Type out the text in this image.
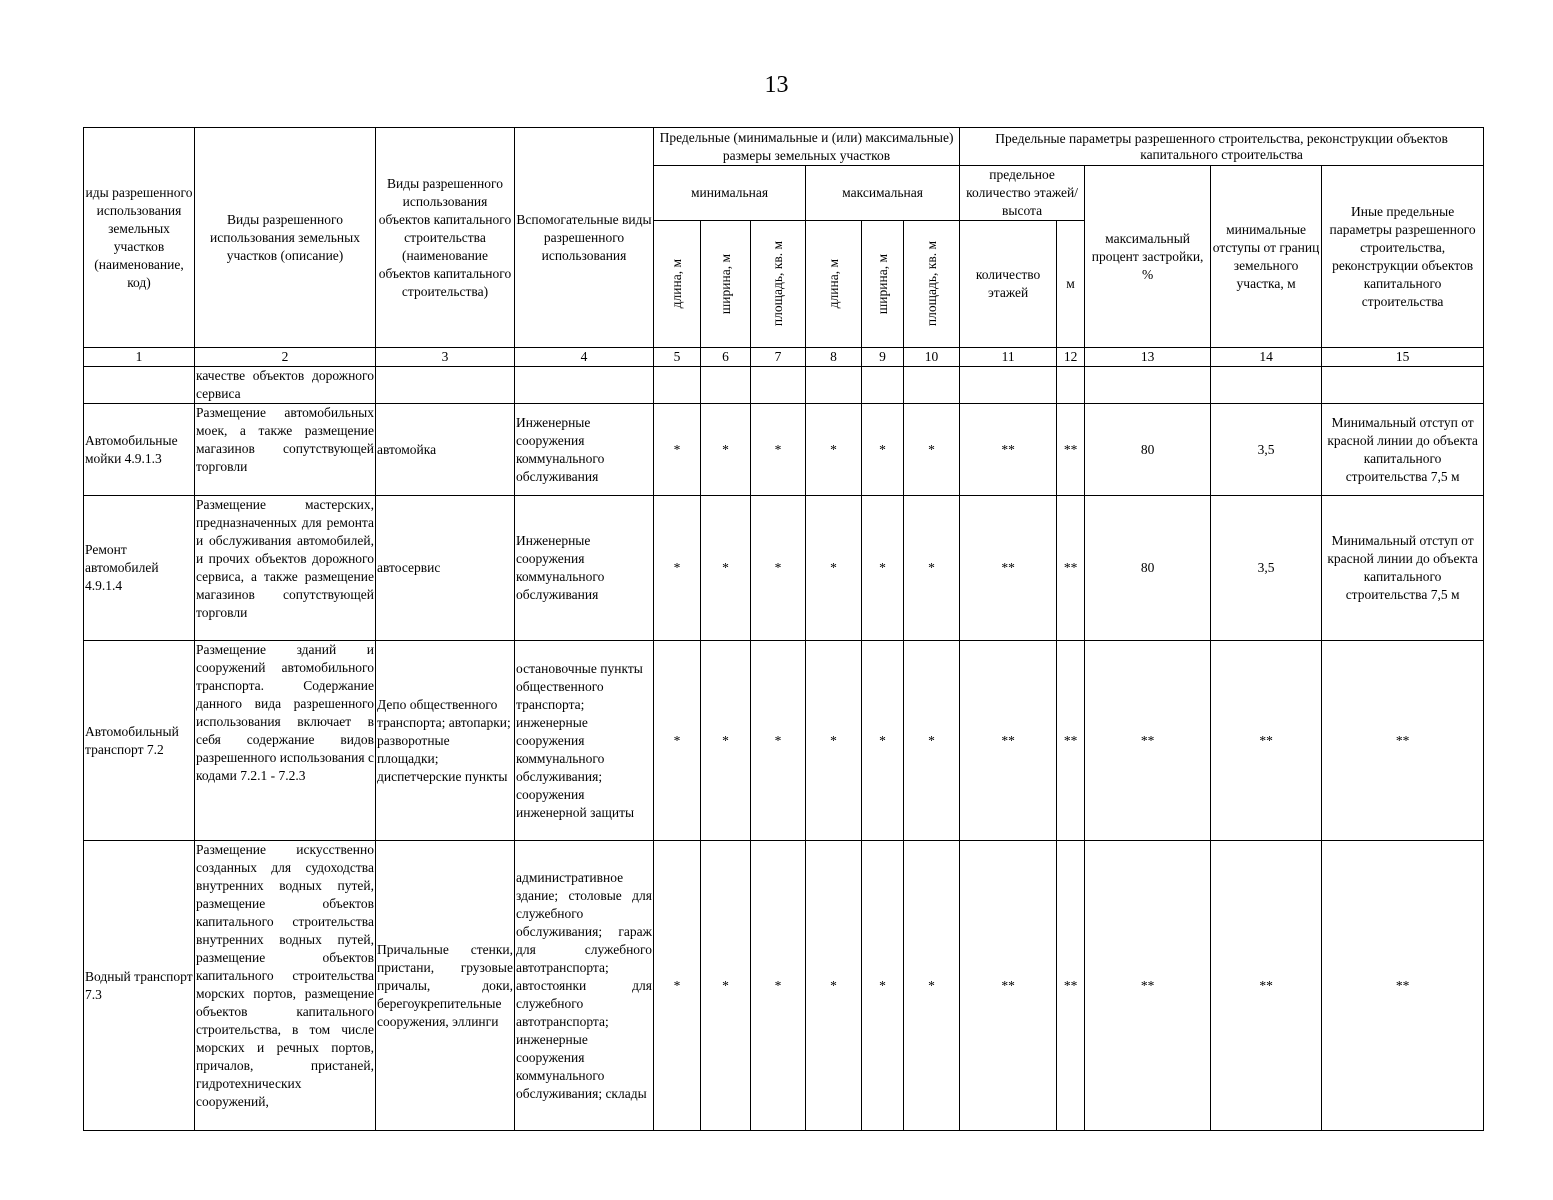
13
иды разрешенного использования земельных участков (наименование, код)	Виды разрешенного использования земельных участков (описание)	Виды разрешенного использования объектов капитального строительства (наименование объектов капитального строительства)	Вспомогательные виды разрешенного использования	Предельные (минимальные и (или) максимальные) размеры земельных участков						Предельные параметры разрешенного строительства, реконструкции объектов капитального строительства				
				минимальная			максимальная			предельное количество этажей/высота		максимальный процент застройки, %	минимальные отступы от границ земельного участка, м	Иные предельные параметры разрешенного строительства, реконструкции объектов капитального строительства

				длина, м	ширина, м	площадь, кв. м	длина, м	ширина, м	площадь, кв. м	количество этажей	м			
1	2	3	4	5	6	7	8	9	10	11	12	13	14	15
	качестве объектов дорожного сервиса													
Автомобильные мойки 4.9.1.3	Размещение автомобильных моек, а также размещение магазинов сопутствующей торговли	автомойка	Инженерные сооружения коммунального обслуживания	*	*	*	*	*	*	**	**	80	3,5	Минимальный отступ от красной линии до объекта капитального строительства 7,5 м
Ремонт автомобилей 4.9.1.4	Размещение мастерских, предназначенных для ремонта и обслуживания автомобилей, и прочих объектов дорожного сервиса, а также размещение магазинов сопутствующей торговли	автосервис	Инженерные сооружения коммунального обслуживания	*	*	*	*	*	*	**	**	80	3,5	Минимальный отступ от красной линии до объекта капитального строительства 7,5 м
Автомобильный транспорт 7.2	Размещение зданий и сооружений автомобильного транспорта. Содержание данного вида разрешенного использования включает в себя содержание видов разрешенного использования с кодами 7.2.1 - 7.2.3	Депо общественного транспорта; автопарки; разворотные площадки; диспетчерские пункты	остановочные пункты общественного транспорта; инженерные сооружения коммунального обслуживания; сооружения инженерной защиты	*	*	*	*	*	*	**	**	**	**	**
Водный транспорт 7.3	Размещение искусственно созданных для судоходства внутренних водных путей, размещение объектов капитального строительства внутренних водных путей, размещение объектов капитального строительства морских портов, размещение объектов капитального строительства, в том числе морских и речных портов, причалов, пристаней, гидротехнических сооружений,	Причальные стенки, пристани, грузовые причалы, доки, берегоукрепительные сооружения, эллинги	административное здание; столовые для служебного обслуживания; гараж для служебного автотранспорта; автостоянки для служебного автотранспорта; инженерные сооружения коммунального обслуживания; склады	*	*	*	*	*	*	**	**	**	**	**
